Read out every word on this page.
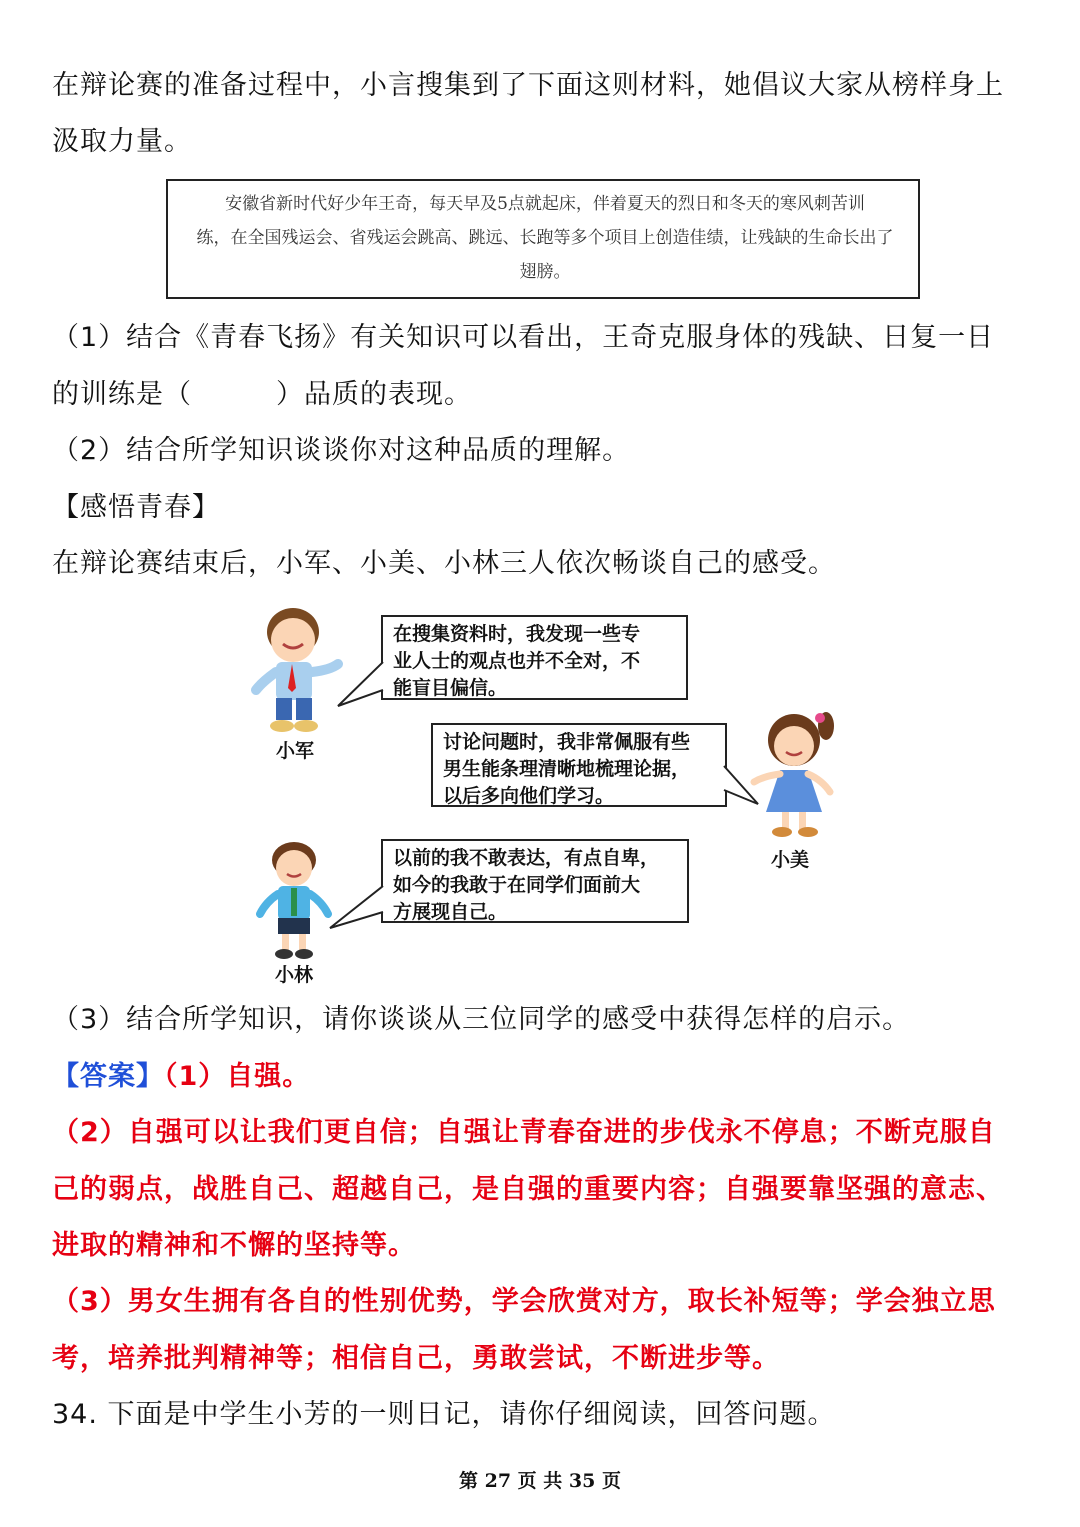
在辩论赛的准备过程中，小言搜集到了下面这则材料，她倡议大家从榜样身上
汲取力量。
安徽省新时代好少年王奇，每天早及5点就起床，伴着夏天的烈日和冬天的寒风刺苦训
练，在全国残运会、省残运会跳高、跳远、长跑等多个项目上创造佳绩，让残缺的生命长出了
翅膀。
（1）结合《青春飞扬》有关知识可以看出，王奇克服身体的残缺、日复一日
的训练是（　　　）品质的表现。
（2）结合所学知识谈谈你对这种品质的理解。
【感悟青春】
在辩论赛结束后，小军、小美、小林三人依次畅谈自己的感受。
小军
在搜集资料时，我发现一些专
业人士的观点也并不全对，不
能盲目偏信。
讨论问题时，我非常佩服有些
男生能条理清晰地梳理论据，
以后多向他们学习。
小美
小林
以前的我不敢表达，有点自卑，
如今的我敢于在同学们面前大
方展现自己。
（3）结合所学知识，请你谈谈从三位同学的感受中获得怎样的启示。
【答案】（1）自强。
（2）自强可以让我们更自信；自强让青春奋进的步伐永不停息；不断克服自
己的弱点，战胜自己、超越自己，是自强的重要内容；自强要靠坚强的意志、
进取的精神和不懈的坚持等。
（3）男女生拥有各自的性别优势，学会欣赏对方，取长补短等；学会独立思
考，培养批判精神等；相信自己，勇敢尝试，不断进步等。
34. 下面是中学生小芳的一则日记，请你仔细阅读，回答问题。
第 27 页 共 35 页
